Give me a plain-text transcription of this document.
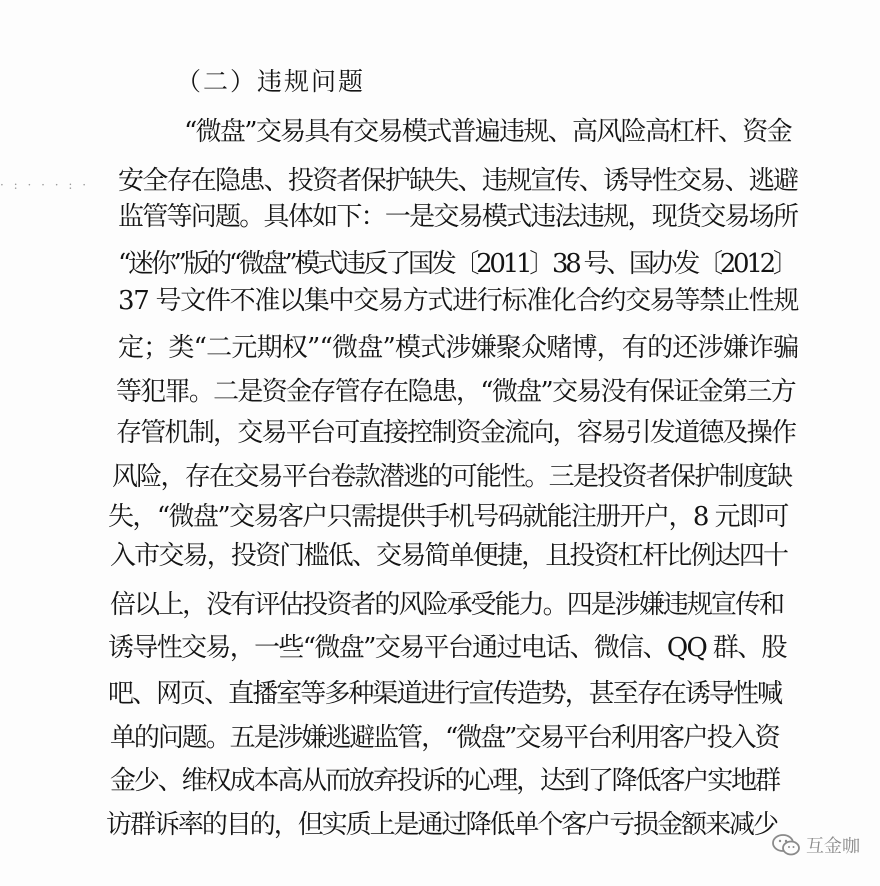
（二）违规问题
· : · · · : ·
“微盘”交易具有交易模式普遍违规、高风险高杠杆、资金
安全存在隐患、投资者保护缺失、违规宣传、诱导性交易、逃避
监管等问题。具体如下：一是交易模式违法违规，现货交易场所
“迷你”版的“微盘”模式违反了国发〔2011〕38 号、国办发〔2012〕
37 号文件不准以集中交易方式进行标准化合约交易等禁止性规
定；类“二元期权”“微盘”模式涉嫌聚众赌博，有的还涉嫌诈骗
等犯罪。二是资金存管存在隐患，“微盘”交易没有保证金第三方
存管机制，交易平台可直接控制资金流向，容易引发道德及操作
风险，存在交易平台卷款潜逃的可能性。三是投资者保护制度缺
失，“微盘”交易客户只需提供手机号码就能注册开户，8 元即可
入市交易，投资门槛低、交易简单便捷，且投资杠杆比例达四十
倍以上，没有评估投资者的风险承受能力。四是涉嫌违规宣传和
诱导性交易，一些“微盘”交易平台通过电话、微信、QQ 群、股
吧、网页、直播室等多种渠道进行宣传造势，甚至存在诱导性喊
单的问题。五是涉嫌逃避监管，“微盘”交易平台利用客户投入资
金少、维权成本高从而放弃投诉的心理，达到了降低客户实地群
访群诉率的目的，但实质上是通过降低单个客户亏损金额来减少
互金咖
